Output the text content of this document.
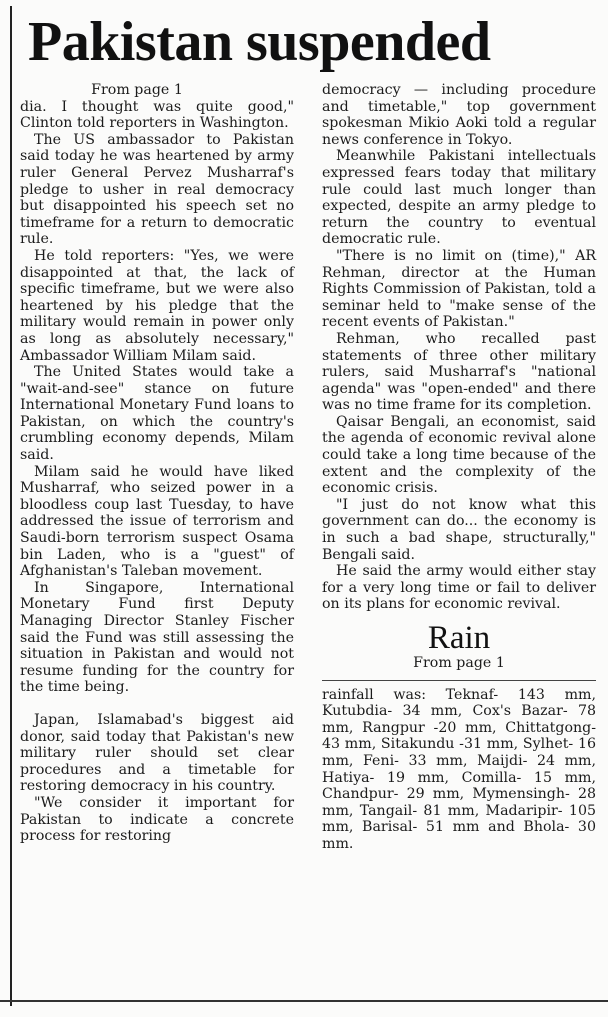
Pakistan suspended
From page 1

dia. I thought was quite good," Clinton told reporters in Washington.

The US ambassador to Pakistan said today he was heartened by army ruler General Pervez Musharraf's pledge to usher in real democracy but disappointed his speech set no timeframe for a return to democratic rule.

He told reporters: "Yes, we were disappointed at that, the lack of specific timeframe, but we were also heartened by his pledge that the military would remain in power only as long as absolutely necessary," Ambassador William Milam said.

The United States would take a "wait-and-see" stance on future International Monetary Fund loans to Pakistan, on which the country's crumbling economy depends, Milam said.

Milam said he would have liked Musharraf, who seized power in a bloodless coup last Tuesday, to have addressed the issue of terrorism and Saudi-born terrorism suspect Osama bin Laden, who is a "guest" of Afghanistan's Taleban movement.

In Singapore, International Monetary Fund first Deputy Managing Director Stanley Fischer said the Fund was still assessing the situation in Pakistan and would not resume funding for the country for the time being.

Japan, Islamabad's biggest aid donor, said today that Pakistan's new military ruler should set clear procedures and a timetable for restoring democracy in his country.

"We consider it important for Pakistan to indicate a concrete process for restoring

democracy — including procedure and timetable," top government spokesman Mikio Aoki told a regular news conference in Tokyo.

Meanwhile Pakistani intellectuals expressed fears today that military rule could last much longer than expected, despite an army pledge to return the country to eventual democratic rule.

"There is no limit on (time)," AR Rehman, director at the Human Rights Commission of Pakistan, told a seminar held to "make sense of the recent events of Pakistan."

Rehman, who recalled past statements of three other military rulers, said Musharraf's "national agenda" was "open-ended" and there was no time frame for its completion.

Qaisar Bengali, an economist, said the agenda of economic revival alone could take a long time because of the extent and the complexity of the economic crisis.

"I just do not know what this government can do... the economy is in such a bad shape, structurally," Bengali said.

He said the army would either stay for a very long time or fail to deliver on its plans for economic revival.

Rain
From page 1

rainfall was: Teknaf- 143 mm, Kutubdia- 34 mm, Cox's Bazar- 78 mm, Rangpur -20 mm, Chittatgong- 43 mm, Sitakundu -31 mm, Sylhet- 16 mm, Feni- 33 mm, Maijdi- 24 mm, Hatiya- 19 mm, Comilla- 15 mm, Chandpur- 29 mm, Mymensingh- 28 mm, Tangail- 81 mm, Madaripir- 105 mm, Barisal- 51 mm and Bhola- 30 mm.
